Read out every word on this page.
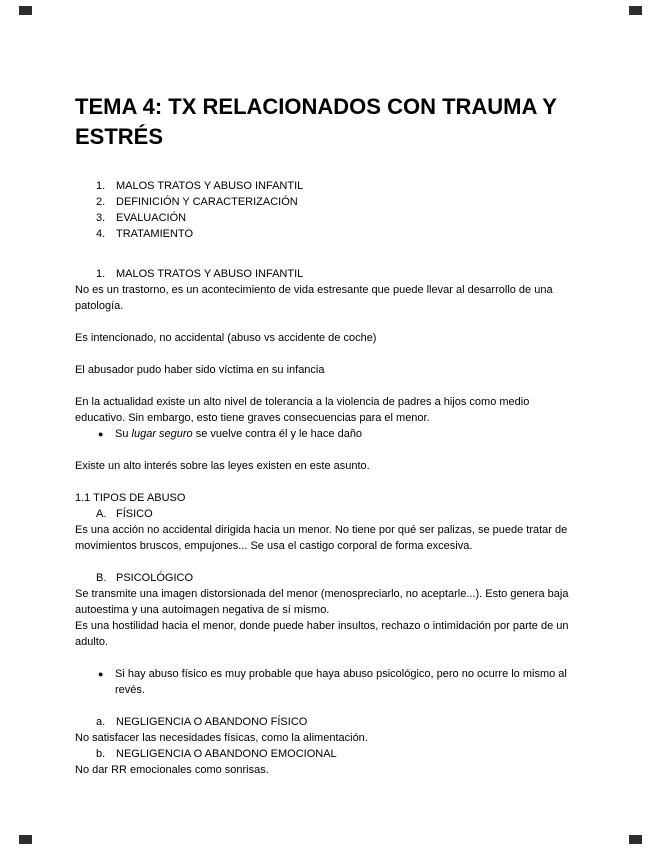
TEMA 4: TX RELACIONADOS CON TRAUMA Y ESTRÉS
1. MALOS TRATOS Y ABUSO INFANTIL
2. DEFINICIÓN Y CARACTERIZACIÓN
3. EVALUACIÓN
4. TRATAMIENTO
1. MALOS TRATOS Y ABUSO INFANTIL

No es un trastorno, es un acontecimiento de vida estresante que puede llevar al desarrollo de una patología.

Es intencionado, no accidental (abuso vs accidente de coche)

El abusador pudo haber sido víctima en su infancia

En la actualidad existe un alto nivel de tolerancia a la violencia de padres a hijos como medio educativo. Sin embargo, esto tiene graves consecuencias para el menor.

●	Su lugar seguro se vuelve contra él y le hace daño

Existe un alto interés sobre las leyes existen en este asunto.

1.1 TIPOS DE ABUSO

A. FÍSICO

Es una acción no accidental dirigida hacia un menor. No tiene por qué ser palizas, se puede tratar de movimientos bruscos, empujones... Se usa el castigo corporal de forma excesiva.

B. PSICOLÓGICO

Se transmite una imagen distorsionada del menor (menospreciarlo, no aceptarle...). Esto genera baja autoestima y una autoimagen negativa de sí mismo.

Es una hostilidad hacia el menor, donde puede haber insultos, rechazo o intimidación por parte de un adulto.

●	Si hay abuso físico es muy probable que haya abuso psicológico, pero no ocurre lo mismo al revés.
a. NEGLIGENCIA O ABANDONO FÍSICO

No satisfacer las necesidades físicas, como la alimentación.

b. NEGLIGENCIA O ABANDONO EMOCIONAL

No dar RR emocionales como sonrisas.
